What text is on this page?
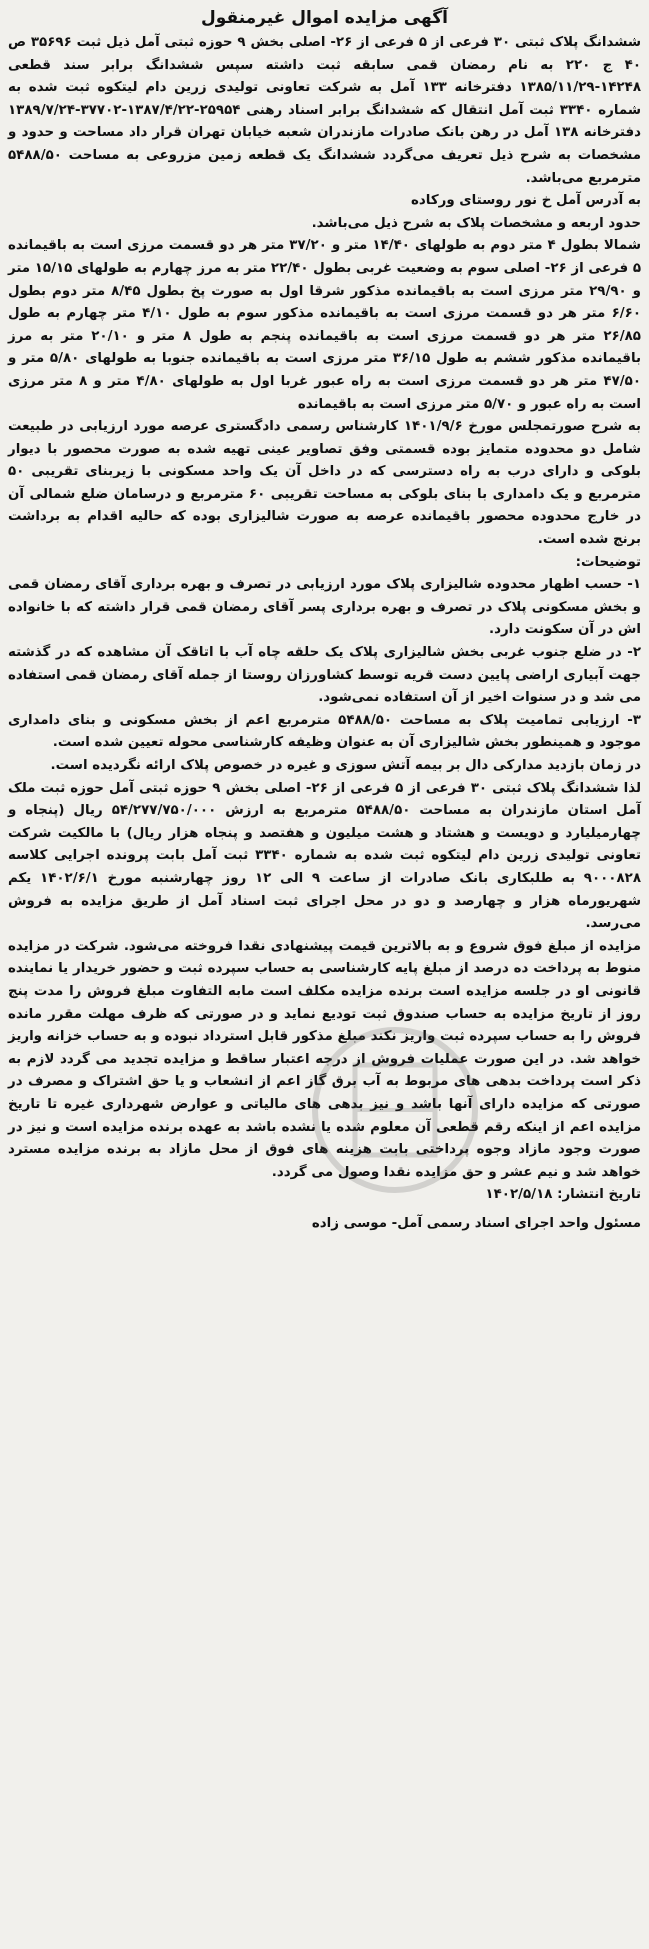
آگهی مزایده اموال غیرمنقول

ششدانگ پلاک ثبتی ۳۰ فرعی از ۵ فرعی از ۲۶- اصلی بخش ۹ حوزه ثبتی آمل ذیل ثبت ۳۵۶۹۶ ص ۴۰ ج ۲۲۰ به نام رمضان قمی سابقه ثبت داشته سپس ششدانگ برابر سند قطعی ۱۴۲۴۸-۱۳۸۵/۱۱/۲۹ دفترخانه ۱۳۳ آمل به شرکت تعاونی تولیدی زرین دام لیتکوه ثبت شده به شماره ۳۳۴۰ ثبت آمل انتقال که ششدانگ برابر اسناد رهنی ۲۵۹۵۴-۱۳۸۷/۴/۲۲-۳۷۷۰۲-۱۳۸۹/۷/۲۴ دفترخانه ۱۳۸ آمل در رهن بانک صادرات مازندران شعبه خیابان تهران قرار داد مساحت و حدود و مشخصات به شرح ذیل تعریف می‌گردد ششدانگ یک قطعه زمین مزروعی به مساحت ۵۴۸۸/۵۰ مترمربع می‌باشد.

به آدرس آمل خ نور روستای ورکاده

حدود اربعه و مشخصات پلاک به شرح ذیل می‌باشد.

شمالا بطول ۴ متر دوم به طولهای ۱۴/۴۰ متر و ۳۷/۲۰ متر هر دو قسمت مرزی است به باقیمانده ۵ فرعی از ۲۶- اصلی سوم به وضعیت غربی بطول ۲۲/۴۰ متر به مرز چهارم به طولهای ۱۵/۱۵ متر و ۲۹/۹۰ متر مرزی است به باقیمانده مذکور شرقا اول به صورت پخ بطول ۸/۴۵ متر دوم بطول ۶/۶۰ متر هر دو قسمت مرزی است به باقیمانده مذکور سوم به طول ۴/۱۰ متر چهارم به طول ۲۶/۸۵ متر هر دو قسمت مرزی است به باقیمانده پنجم به طول ۸ متر و ۲۰/۱۰ متر به مرز باقیمانده مذکور ششم به طول ۳۶/۱۵ متر مرزی است به باقیمانده جنوبا به طولهای ۵/۸۰ متر و ۴۷/۵۰ متر هر دو قسمت مرزی است به راه عبور غربا اول به طولهای ۴/۸۰ متر و ۸ متر مرزی است به راه عبور و ۵/۷۰ متر مرزی است به باقیمانده

به شرح صورتمجلس مورخ ۱۴۰۱/۹/۶ کارشناس رسمی دادگستری عرصه مورد ارزیابی در طبیعت شامل دو محدوده متمایز بوده قسمتی وفق تصاویر عینی تهیه شده به صورت محصور با دیوار بلوکی و دارای درب به راه دسترسی که در داخل آن یک واحد مسکونی با زیربنای تقریبی ۵۰ مترمربع و یک دامداری با بنای بلوکی به مساحت تقریبی ۶۰ مترمربع و درسامان ضلع شمالی آن در خارج محدوده محصور باقیمانده عرصه به صورت شالیزاری بوده که حالیه اقدام به برداشت برنج شده است.

توضیحات:

۱- حسب اظهار محدوده شالیزاری پلاک مورد ارزیابی در تصرف و بهره برداری آقای رمضان قمی و بخش مسکونی پلاک در تصرف و بهره برداری پسر آقای رمضان قمی قرار داشته که با خانواده اش در آن سکونت دارد.

۲- در ضلع جنوب غربی بخش شالیزاری پلاک یک حلقه چاه آب با اتاقک آن مشاهده که در گذشته جهت آبیاری اراضی پایین دست قریه توسط کشاورزان روستا از جمله آقای رمضان قمی استفاده می شد و در سنوات اخیر از آن استفاده نمی‌شود.

۳- ارزیابی تمامیت پلاک به مساحت ۵۴۸۸/۵۰ مترمربع اعم از بخش مسکونی و بنای دامداری موجود و همینطور بخش شالیزاری آن به عنوان وظیفه کارشناسی محوله تعیین شده است.

در زمان بازدید مدارکی دال بر بیمه آتش سوزی و غیره در خصوص پلاک ارائه نگردیده است.

لذا ششدانگ پلاک ثبتی ۳۰ فرعی از ۵ فرعی از ۲۶- اصلی بخش ۹ حوزه ثبتی آمل حوزه ثبت ملک آمل استان مازندران به مساحت ۵۴۸۸/۵۰ مترمربع به ارزش ۵۴/۲۷۷/۷۵۰/۰۰۰ ریال (پنجاه و چهارمیلیارد و دویست و هشتاد و هشت میلیون و هفتصد و پنجاه هزار ریال) با مالکیت شرکت تعاونی تولیدی زرین دام لیتکوه ثبت شده به شماره ۳۳۴۰ ثبت آمل بابت پرونده اجرایی کلاسه ۹۰۰۰۸۲۸ به طلبکاری بانک صادرات از ساعت ۹ الی ۱۲ روز چهارشنبه مورخ ۱۴۰۲/۶/۱ یکم شهریورماه هزار و چهارصد و دو در محل اجرای ثبت اسناد آمل از طریق مزایده به فروش می‌رسد.

مزایده از مبلغ فوق شروع و به بالاترین قیمت پیشنهادی نقدا فروخته می‌شود. شرکت در مزایده منوط به پرداخت ده درصد از مبلغ پایه کارشناسی به حساب سپرده ثبت و حضور خریدار یا نماینده قانونی او در جلسه مزایده است برنده مزایده مکلف است مابه التفاوت مبلغ فروش را مدت پنج روز از تاریخ مزایده به حساب صندوق ثبت تودیع نماید و در صورتی که ظرف مهلت مقرر مانده فروش را به حساب سپرده ثبت واریز نکند مبلغ مذکور قابل استرداد نبوده و به حساب خزانه واریز خواهد شد. در این صورت عملیات فروش از درجه اعتبار ساقط و مزایده تجدید می گردد لازم به ذکر است پرداخت بدهی های مربوط به آب برق گاز اعم از انشعاب و یا حق اشتراک و مصرف در صورتی که مزایده دارای آنها باشد و نیز بدهی های مالیاتی و عوارض شهرداری غیره تا تاریخ مزایده اعم از اینکه رقم قطعی آن معلوم شده یا نشده باشد به عهده برنده مزایده است و نیز در صورت وجود مازاد وجوه پرداختی بابت هزینه های فوق از محل مازاد به برنده مزایده مسترد خواهد شد و نیم عشر و حق مزایده نقدا وصول می گردد.

تاریخ انتشار: ۱۴۰۲/۵/۱۸

مسئول واحد اجرای اسناد رسمی آمل- موسی زاده
